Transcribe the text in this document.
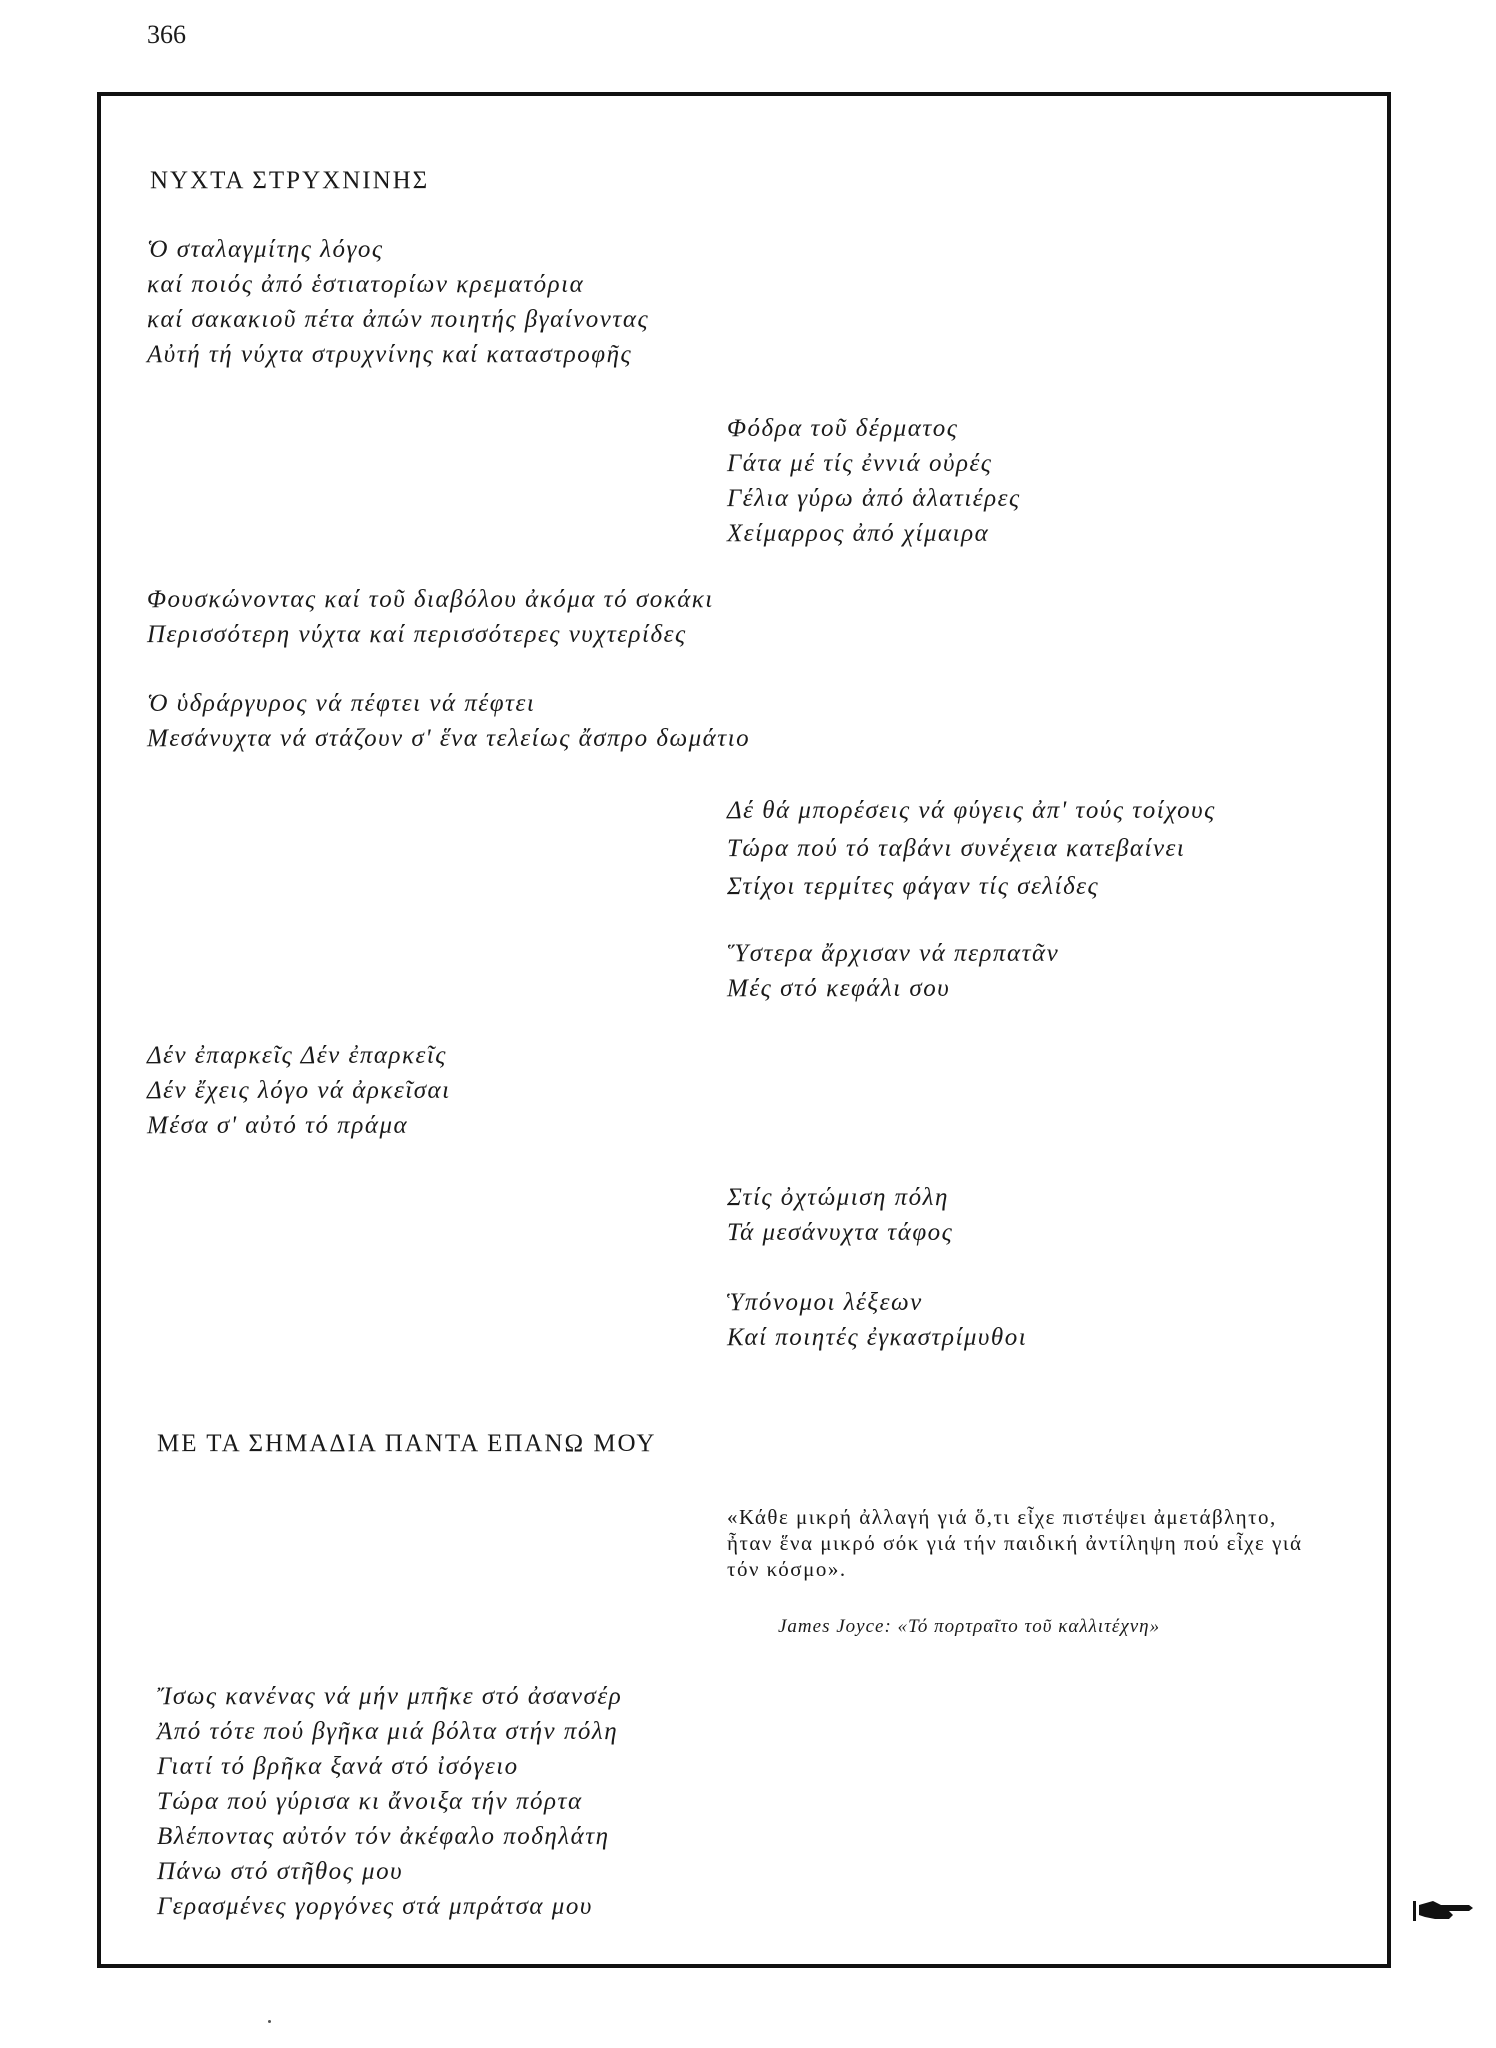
366
ΝΥΧΤΑ ΣΤΡΥΧΝΙΝΗΣ
Ὁ σταλαγμίτης λόγος
καί ποιός ἀπό ἑστιατορίων κρεματόρια
καί σακακιοῦ πέτα ἀπών ποιητής βγαίνοντας
Αὐτή τή νύχτα στρυχνίνης καί καταστροφῆς
Φόδρα τοῦ δέρματος
Γάτα μέ τίς ἐννιά οὐρές
Γέλια γύρω ἀπό ἁλατιέρες
Χείμαρρος ἀπό χίμαιρα
Φουσκώνοντας καί τοῦ διαβόλου ἀκόμα τό σοκάκι
Περισσότερη νύχτα καί περισσότερες νυχτερίδες
Ὁ ὑδράργυρος νά πέφτει νά πέφτει
Μεσάνυχτα νά στάζουν σ' ἕνα τελείως ἄσπρο δωμάτιο
Δέ θά μπορέσεις νά φύγεις ἀπ' τούς τοίχους
Τώρα πού τό ταβάνι συνέχεια κατεβαίνει
Στίχοι τερμίτες φάγαν τίς σελίδες
Ὕστερα ἄρχισαν νά περπατᾶν
Μές στό κεφάλι σου
Δέν ἐπαρκεῖς Δέν ἐπαρκεῖς
Δέν ἔχεις λόγο νά ἀρκεῖσαι
Μέσα σ' αὐτό τό πράμα
Στίς ὀχτώμιση πόλη
Τά μεσάνυχτα τάφος
Ὑπόνομοι λέξεων
Καί ποιητές ἐγκαστρίμυθοι
ΜΕ ΤΑ ΣΗΜΑΔΙΑ ΠΑΝΤΑ ΕΠΑΝΩ ΜΟΥ
«Κάθε μικρή ἀλλαγή γιά ὅ,τι εἶχε πιστέψει ἀμετάβλητο, ἦταν ἕνα μικρό σόκ γιά τήν παιδική ἀντίληψη πού εἶχε γιά τόν κόσμο».
James Joyce: «Τό πορτραῖτο τοῦ καλλιτέχνη»
Ἴσως κανένας νά μήν μπῆκε στό ἀσανσέρ
Ἀπό τότε πού βγῆκα μιά βόλτα στήν πόλη
Γιατί τό βρῆκα ξανά στό ἰσόγειο
Τώρα πού γύρισα κι ἄνοιξα τήν πόρτα
Βλέποντας αὐτόν τόν ἀκέφαλο ποδηλάτη
Πάνω στό στῆθος μου
Γερασμένες γοργόνες στά μπράτσα μου
